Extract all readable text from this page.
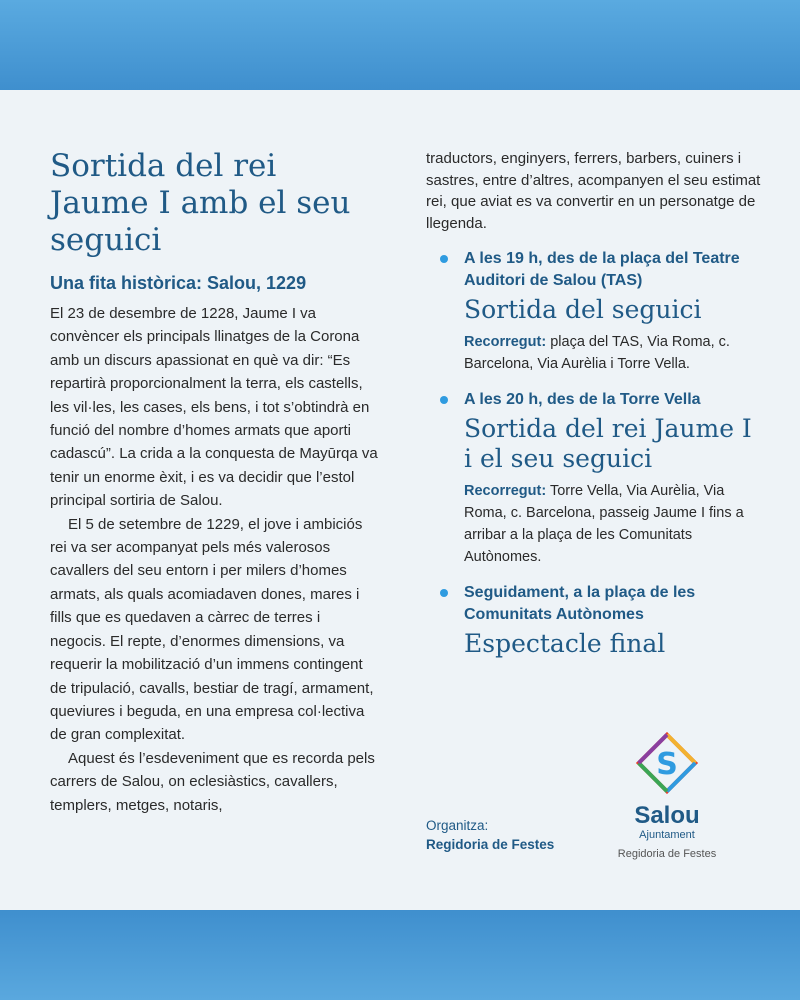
Sortida del rei Jaume I amb el seu seguici
Una fita històrica: Salou, 1229

El 23 de desembre de 1228, Jaume I va convèncer els principals llinatges de la Corona amb un discurs apassionat en què va dir: “Es repartirà proporcionalment la terra, els castells, les vil·les, les cases, els bens, i tot s’obtindrà en funció del nombre d’homes armats que aporti cadascú”. La crida a la conquesta de Mayūrqa va tenir un enorme èxit, i es va decidir que l’estol principal sortiria de Salou.

El 5 de setembre de 1229, el jove i ambiciós rei va ser acompanyat pels més valerosos cavallers del seu entorn i per milers d’homes armats, als quals acomiadaven dones, mares i fills que es quedaven a càrrec de terres i negocis. El repte, d’enormes dimensions, va requerir la mobilització d’un immens contingent de tripulació, cavalls, bestiar de tragí, armament, queviures i beguda, en una empresa col·lectiva de gran complexitat.

Aquest és l’esdeveniment que es recorda pels carrers de Salou, on eclesiàstics, cavallers, templers, metges, notaris,

traductors, enginyers, ferrers, barbers, cuiners i sastres, entre d’altres, acompanyen el seu estimat rei, que aviat es va convertir en un personatge de llegenda.

A les 19 h, des de la plaça del Teatre Auditori de Salou (TAS)
Sortida del seguici
Recorregut: plaça del TAS, Via Roma, c. Barcelona, Via Aurèlia i Torre Vella.
A les 20 h, des de la Torre Vella
Sortida del rei Jaume I i el seu seguici
Recorregut: Torre Vella, Via Aurèlia, Via Roma, c. Barcelona, passeig Jaume I fins a arribar a la plaça de les Comunitats Autònomes.
Seguidament, a la plaça de les Comunitats Autònomes
Espectacle final
Organitza:
Regidoria de Festes
S
Salou
Ajuntament
Regidoria de Festes
